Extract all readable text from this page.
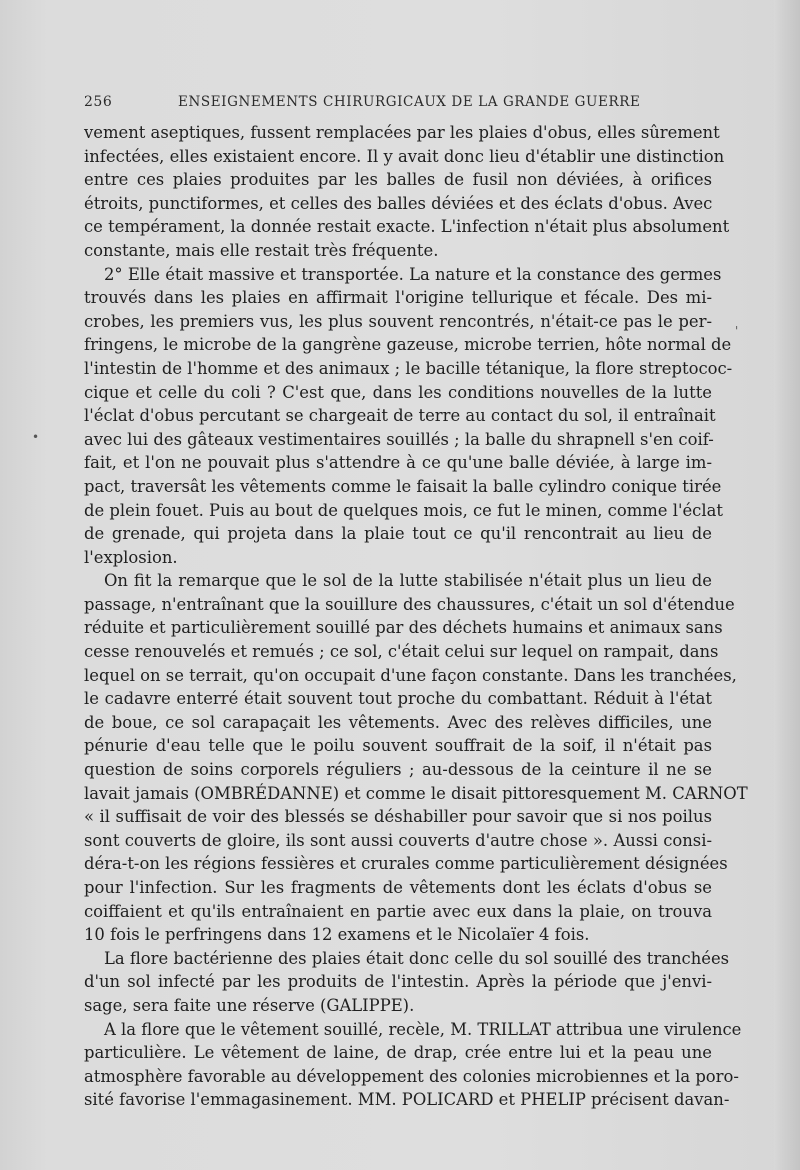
256	ENSEIGNEMENTS CHIRURGICAUX DE LA GRANDE GUERRE
•
'
vement aseptiques, fussent remplacées par les plaies d'obus, elles sûrement
infectées, elles existaient encore. Il y avait donc lieu d'établir une distinction
entre ces plaies produites par les balles de fusil non déviées, à orifices
étroits, punctiformes, et celles des balles déviées et des éclats d'obus. Avec
ce tempérament, la donnée restait exacte. L'infection n'était plus absolument
constante, mais elle restait très fréquente.
2° Elle était massive et transportée. La nature et la constance des germes
trouvés dans les plaies en affirmait l'origine tellurique et fécale. Des mi-
crobes, les premiers vus, les plus souvent rencontrés, n'était-ce pas le per-
fringens, le microbe de la gangrène gazeuse, microbe terrien, hôte normal de
l'intestin de l'homme et des animaux ; le bacille tétanique, la flore streptococ-
cique et celle du coli ? C'est que, dans les conditions nouvelles de la lutte
l'éclat d'obus percutant se chargeait de terre au contact du sol, il entraînait
avec lui des gâteaux vestimentaires souillés ; la balle du shrapnell s'en coif-
fait, et l'on ne pouvait plus s'attendre à ce qu'une balle déviée, à large im-
pact, traversât les vêtements comme le faisait la balle cylindro conique tirée
de plein fouet. Puis au bout de quelques mois, ce fut le minen, comme l'éclat
de grenade, qui projeta dans la plaie tout ce qu'il rencontrait au lieu de
l'explosion.
On fit la remarque que le sol de la lutte stabilisée n'était plus un lieu de
passage, n'entraînant que la souillure des chaussures, c'était un sol d'étendue
réduite et particulièrement souillé par des déchets humains et animaux sans
cesse renouvelés et remués ; ce sol, c'était celui sur lequel on rampait, dans
lequel on se terrait, qu'on occupait d'une façon constante. Dans les tranchées,
le cadavre enterré était souvent tout proche du combattant. Réduit à l'état
de boue, ce sol carapaçait les vêtements. Avec des relèves difficiles, une
pénurie d'eau telle que le poilu souvent souffrait de la soif, il n'était pas
question de soins corporels réguliers ; au-dessous de la ceinture il ne se
lavait jamais (OMBRÉDANNE) et comme le disait pittoresquement M. CARNOT
« il suffisait de voir des blessés se déshabiller pour savoir que si nos poilus
sont couverts de gloire, ils sont aussi couverts d'autre chose ». Aussi consi-
déra-t-on les régions fessières et crurales comme particulièrement désignées
pour l'infection. Sur les fragments de vêtements dont les éclats d'obus se
coiffaient et qu'ils entraînaient en partie avec eux dans la plaie, on trouva
10 fois le perfringens dans 12 examens et le Nicolaïer 4 fois.
La flore bactérienne des plaies était donc celle du sol souillé des tranchées
d'un sol infecté par les produits de l'intestin. Après la période que j'envi-
sage, sera faite une réserve (GALIPPE).
A la flore que le vêtement souillé, recèle, M. TRILLAT attribua une virulence
particulière. Le vêtement de laine, de drap, crée entre lui et la peau une
atmosphère favorable au développement des colonies microbiennes et la poro-
sité favorise l'emmagasinement. MM. POLICARD et PHELIP précisent davan-
